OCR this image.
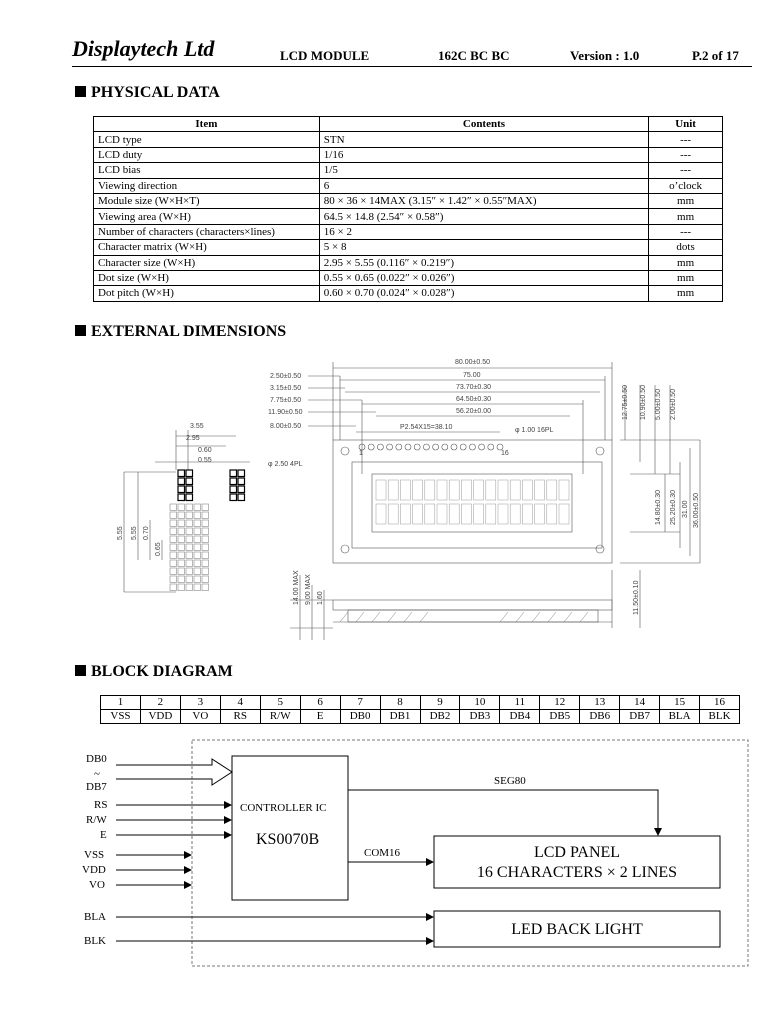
Displaytech Ltd	LCD MODULE	162C BC BC	Version : 1.0	P.2 of 17
PHYSICAL DATA
Item	Contents	Unit
LCD type	STN	---
LCD duty	1/16	---
LCD bias	1/5	---
Viewing direction	6	o’clock
Module size (W×H×T)	80 × 36 × 14MAX (3.15″ × 1.42″ × 0.55″MAX)	mm
Viewing area (W×H)	64.5 × 14.8 (2.54″ × 0.58″)	mm
Number of characters (characters×lines)	16 × 2	---
Character matrix (W×H)	5 × 8	dots
Character size (W×H)	2.95 × 5.55 (0.116″ × 0.219″)	mm
Dot size (W×H)	0.55 × 0.65 (0.022″ × 0.026″)	mm
Dot pitch (W×H)	0.60 × 0.70 (0.024″ × 0.028″)	mm
EXTERNAL DIMENSIONS
80.00±0.50
75.00
73.70±0.30
64.50±0.30
56.20±0.00
2.50±0.50
3.15±0.50
7.75±0.50
11.90±0.50
8.00±0.50	P2.54X15=38.10	φ 1.00 16PL
φ 2.50 4PL
1	16
12.75±0.50 10.90±0.50 5.00±0.50 2.00±0.50
14.80±0.30 25.20±0.30 31.00 36.00±0.50
14.00 MAX 9.00 MAX 1.60	11.50±0.10
5.55 5.55 0.70
0.65
3.55
2.95
0.60
0.55
DB0
~
DB7
RS
R/W
E
VSS
VDD
VO
BLA
BLK
SEG80
COM16
CONTROLLER IC
KS0070B
LCD PANEL
16 CHARACTERS × 2 LINES
LED BACK LIGHT
BLOCK DIAGRAM
1	2	3	4	5	6	7	8	9	10	11	12	13	14	15	16
VSS	VDD	VO	RS	R/W	E	DB0	DB1	DB2	DB3	DB4	DB5	DB6	DB7	BLA	BLK
